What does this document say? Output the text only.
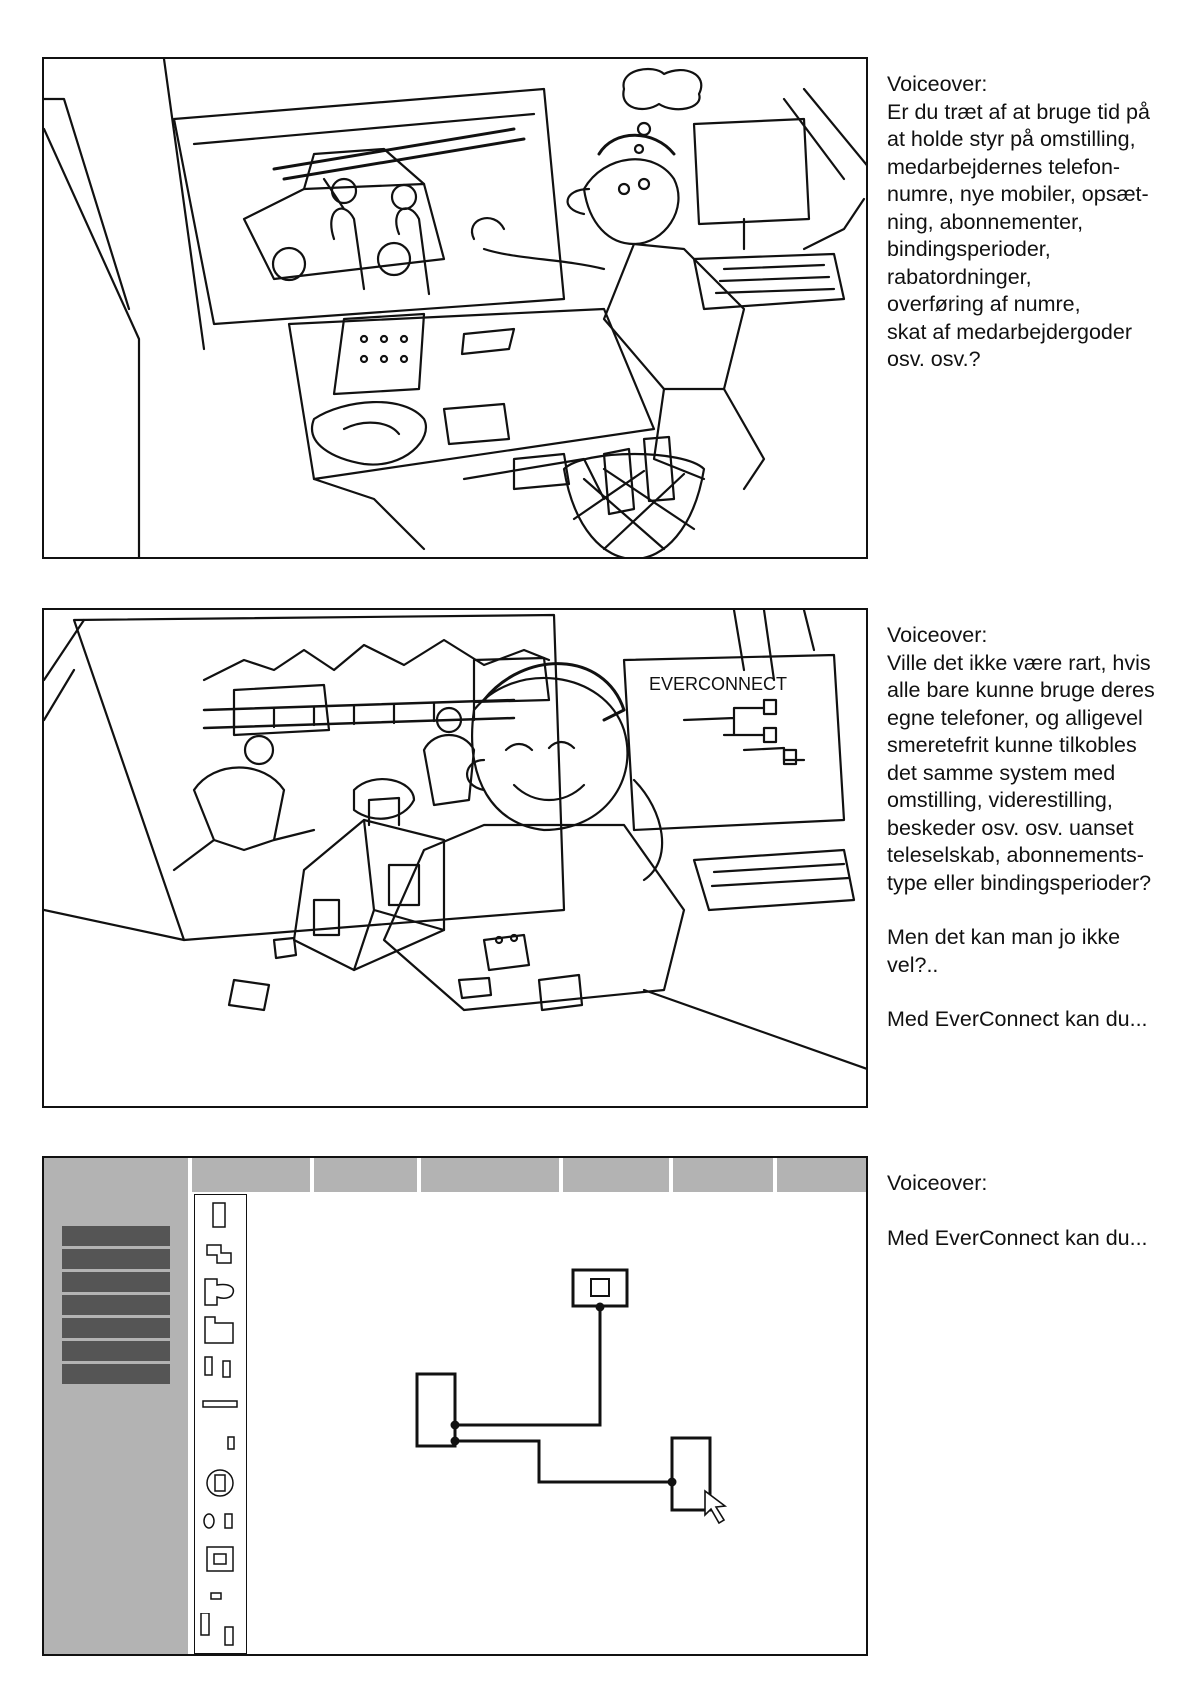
Voiceover:

Er du træt af at bruge tid på

at holde styr på omstilling,

medarbejdernes telefon-

numre, nye mobiler, opsæt-

ning, abonnementer,

bindingsperioder,

rabatordninger,

overføring af numre,

skat af medarbejdergoder

osv. osv.?

EVERCONNECT

Voiceover:

Ville det ikke være rart, hvis

alle bare kunne bruge deres

egne telefoner, og alligevel

smeretefrit kunne tilkobles

det samme system med

omstilling, viderestilling,

beskeder osv. osv. uanset

teleselskab, abonnements-

type eller bindingsperioder?

Men det kan man jo ikke
vel?..

Med EverConnect kan du...

Voiceover:

Med EverConnect kan du...
